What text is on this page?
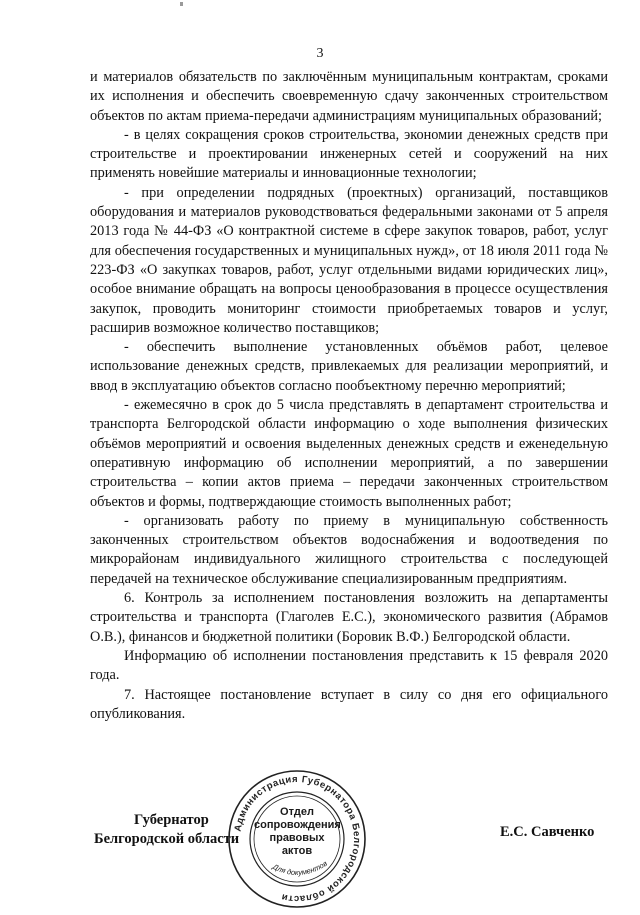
3

и материалов обязательств по заключённым муниципальным контрактам, сроками их исполнения и обеспечить своевременную сдачу законченных строительством объектов по актам приема-передачи администрациям муниципальных образований;

- в целях сокращения сроков строительства, экономии денежных средств при строительстве и проектировании инженерных сетей и сооружений на них применять новейшие материалы и инновационные технологии;

- при определении подрядных (проектных) организаций, поставщиков оборудования и материалов руководствоваться федеральными законами от 5 апреля 2013 года № 44-ФЗ «О контрактной системе в сфере закупок товаров, работ, услуг для обеспечения государственных и муниципальных нужд», от 18 июля 2011 года № 223-ФЗ «О закупках товаров, работ, услуг отдельными видами юридических лиц», особое внимание обращать на вопросы ценообразования в процессе осуществления закупок, проводить мониторинг стоимости приобретаемых товаров и услуг, расширив возможное количество поставщиков;

- обеспечить выполнение установленных объёмов работ, целевое использование денежных средств, привлекаемых для реализации мероприятий, и ввод в эксплуатацию объектов согласно пообъектному перечню мероприятий;

- ежемесячно в срок до 5 числа представлять в департамент строительства и транспорта Белгородской области информацию о ходе выполнения физических объёмов мероприятий и освоения выделенных денежных средств и еженедельную оперативную информацию об исполнении мероприятий, а по завершении строительства – копии актов приема – передачи законченных строительством объектов и формы, подтверждающие стоимость выполненных работ;

- организовать работу по приему в муниципальную собственность законченных строительством объектов водоснабжения и водоотведения по микрорайонам индивидуального жилищного строительства с последующей передачей на техническое обслуживание специализированным предприятиям.

6. Контроль за исполнением постановления возложить на департаменты строительства и транспорта (Глаголев Е.С.), экономического развития (Абрамов О.В.), финансов и бюджетной политики (Боровик В.Ф.) Белгородской области.

Информацию об исполнении постановления представить к 15 февраля 2020 года.

7. Настоящее постановление вступает в силу со дня его официального опубликования.

Губернатор
Белгородской области
Администрация Губернатора Белгородской области
Для документов
Отдел
сопровождения
правовых
актов
Е.С. Савченко
